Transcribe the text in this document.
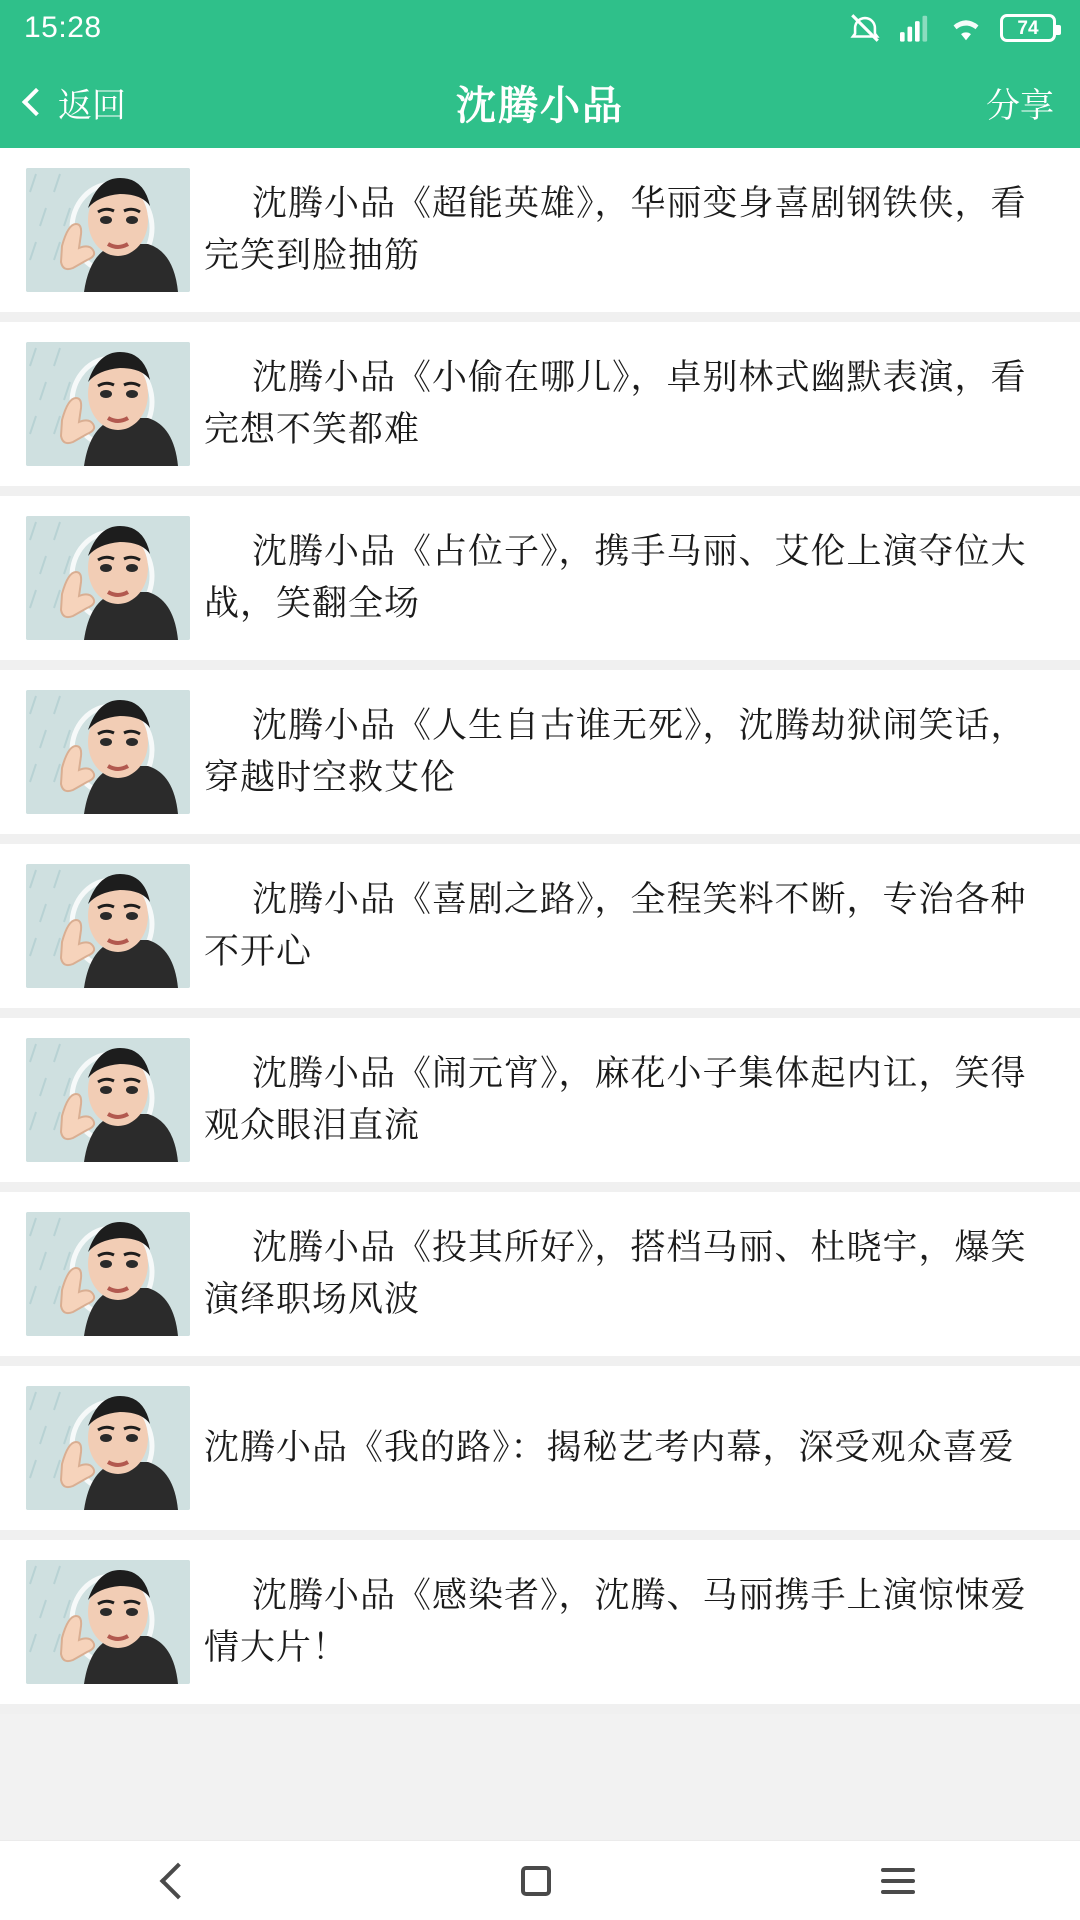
15:28	74
返回	沈腾小品	分享
沈腾小品《超能英雄》，华丽变身喜剧钢铁侠，看完笑到脸抽筋
沈腾小品《小偷在哪儿》，卓别林式幽默表演，看完想不笑都难
沈腾小品《占位子》，携手马丽、艾伦上演夺位大战，笑翻全场
沈腾小品《人生自古谁无死》，沈腾劫狱闹笑话，穿越时空救艾伦
沈腾小品《喜剧之路》，全程笑料不断，专治各种不开心
沈腾小品《闹元宵》，麻花小子集体起内讧，笑得观众眼泪直流
沈腾小品《投其所好》，搭档马丽、杜晓宇，爆笑演绎职场风波
沈腾小品《我的路》：揭秘艺考内幕，深受观众喜爱
沈腾小品《感染者》，沈腾、马丽携手上演惊悚爱情大片！
